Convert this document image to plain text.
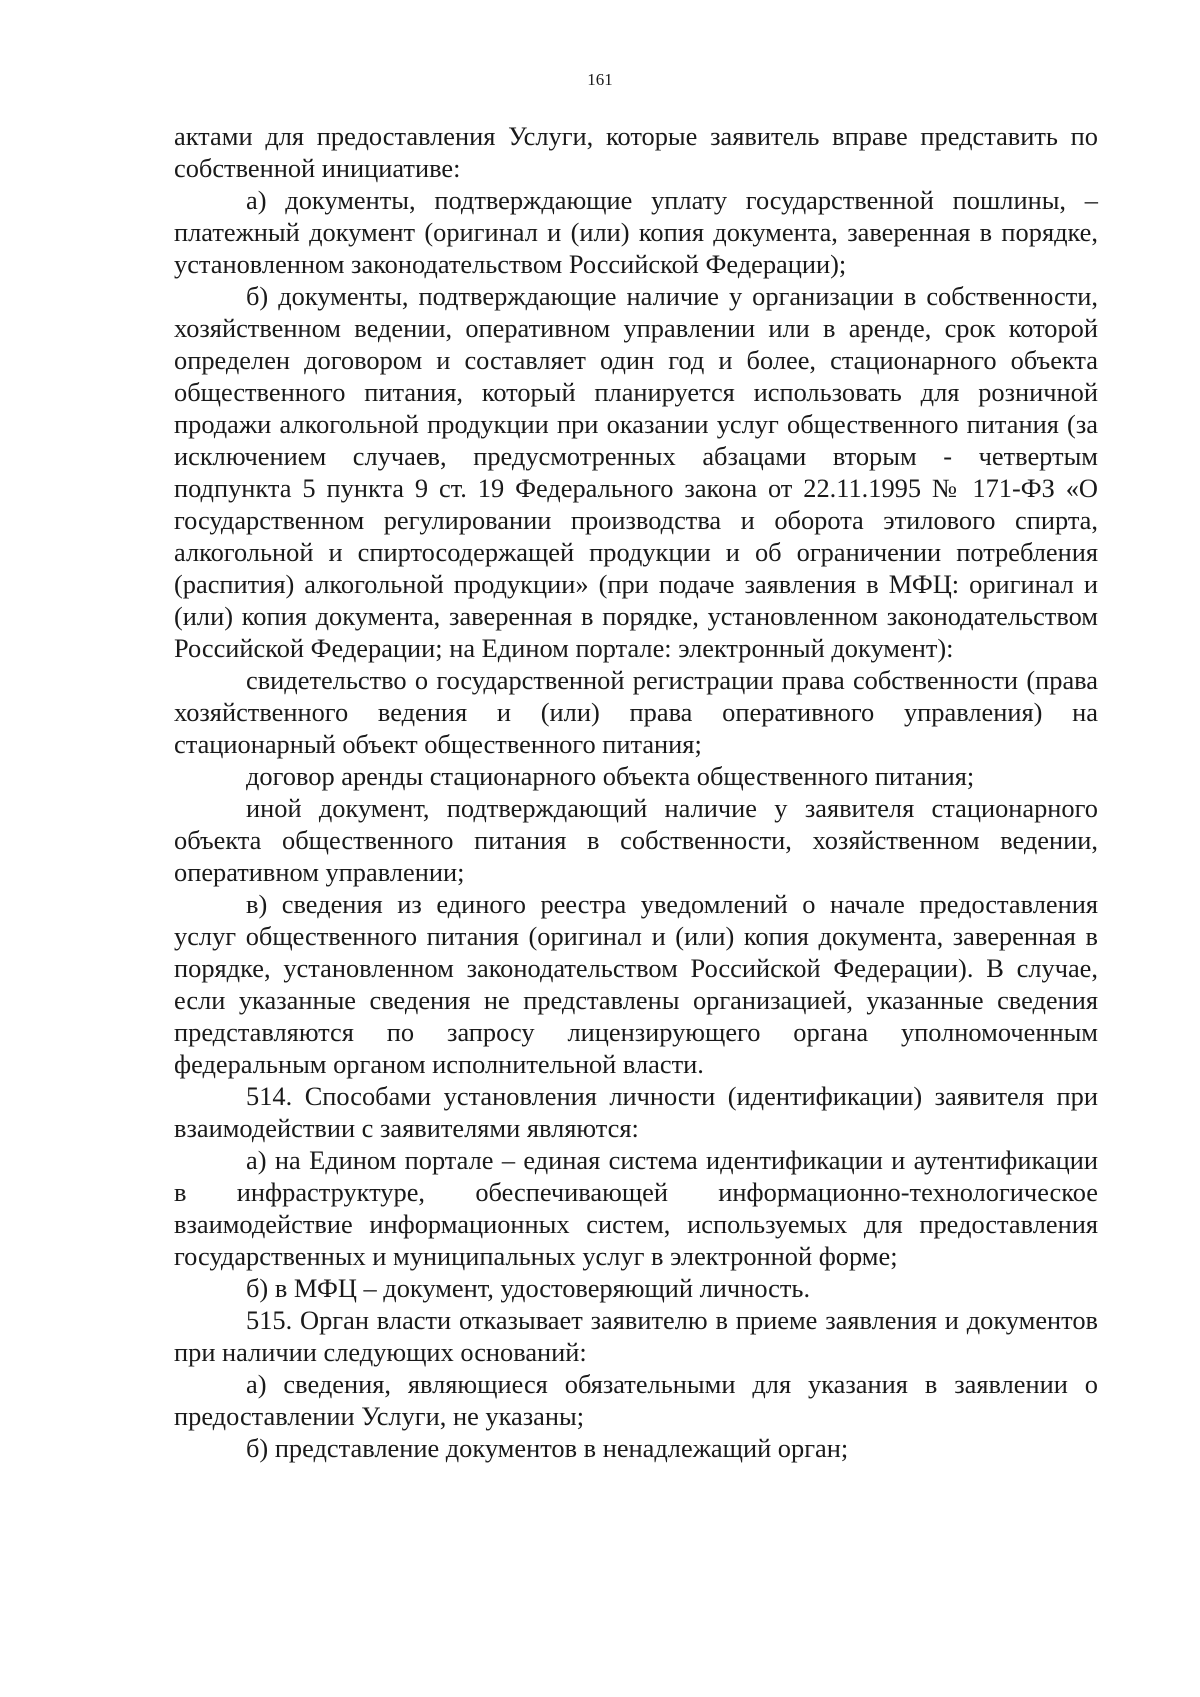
161

актами для предоставления Услуги, которые заявитель вправе представить по собственной инициативе:

а) документы, подтверждающие уплату государственной пошлины, – платежный документ (оригинал и (или) копия документа, заверенная в порядке, установленном законодательством Российской Федерации);

б) документы, подтверждающие наличие у организации в собственности, хозяйственном ведении, оперативном управлении или в аренде, срок которой определен договором и составляет один год и более, стационарного объекта общественного питания, который планируется использовать для розничной продажи алкогольной продукции при оказании услуг общественного питания (за исключением случаев, предусмотренных абзацами вторым - четвертым подпункта 5 пункта 9 ст. 19 Федерального закона от 22.11.1995 № 171-ФЗ «О государственном регулировании производства и оборота этилового спирта, алкогольной и спиртосодержащей продукции и об ограничении потребления (распития) алкогольной продукции» (при подаче заявления в МФЦ: оригинал и (или) копия документа, заверенная в порядке, установленном законодательством Российской Федерации; на Едином портале: электронный документ):

свидетельство о государственной регистрации права собственности (права хозяйственного ведения и (или) права оперативного управления) на стационарный объект общественного питания;

договор аренды стационарного объекта общественного питания;

иной документ, подтверждающий наличие у заявителя стационарного объекта общественного питания в собственности, хозяйственном ведении, оперативном управлении;

в) сведения из единого реестра уведомлений о начале предоставления услуг общественного питания (оригинал и (или) копия документа, заверенная в порядке, установленном законодательством Российской Федерации). В случае, если указанные сведения не представлены организацией, указанные сведения представляются по запросу лицензирующего органа уполномоченным федеральным органом исполнительной власти.

514. Способами установления личности (идентификации) заявителя при взаимодействии с заявителями являются:

а) на Едином портале – единая система идентификации и аутентификации в инфраструктуре, обеспечивающей информационно-технологическое взаимодействие информационных систем, используемых для предоставления государственных и муниципальных услуг в электронной форме;

б) в МФЦ – документ, удостоверяющий личность.

515. Орган власти отказывает заявителю в приеме заявления и документов при наличии следующих оснований:

а) сведения, являющиеся обязательными для указания в заявлении о предоставлении Услуги, не указаны;

б) представление документов в ненадлежащий орган;
